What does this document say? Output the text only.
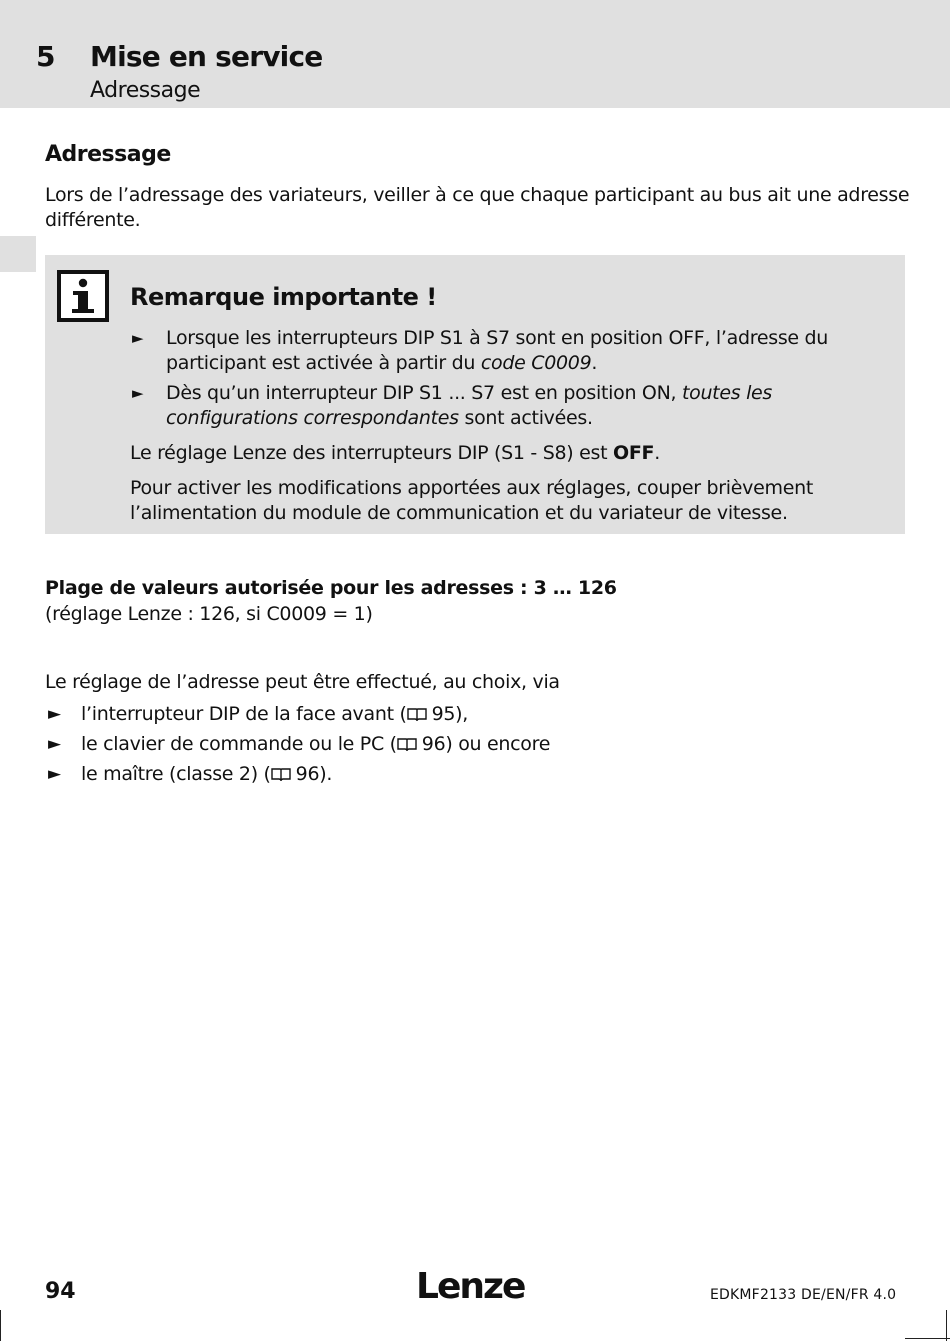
5 Mise en service
Adressage
Adressage
Lors de l’adressage des variateurs, veiller à ce que chaque participant au bus ait une adresse différente.
Remarque importante !
► Lorsque les interrupteurs DIP S1 à S7 sont en position OFF, l’adresse du participant est activée à partir du code C0009.
► Dès qu’un interrupteur DIP S1 ... S7 est en position ON, toutes les configurations correspondantes sont activées.
Le réglage Lenze des interrupteurs DIP (S1 - S8) est OFF.
Pour activer les modifications apportées aux réglages, couper brièvement l’alimentation du module de communication et du variateur de vitesse.
Plage de valeurs autorisée pour les adresses : 3 … 126
(réglage Lenze : 126, si C0009 = 1)
Le réglage de l’adresse peut être effectué, au choix, via
► l’interrupteur DIP de la face avant ( 95),
► le clavier de commande ou le PC ( 96) ou encore
► le maître (classe 2) ( 96).
94	Lenze	EDKMF2133 DE/EN/FR 4.0
